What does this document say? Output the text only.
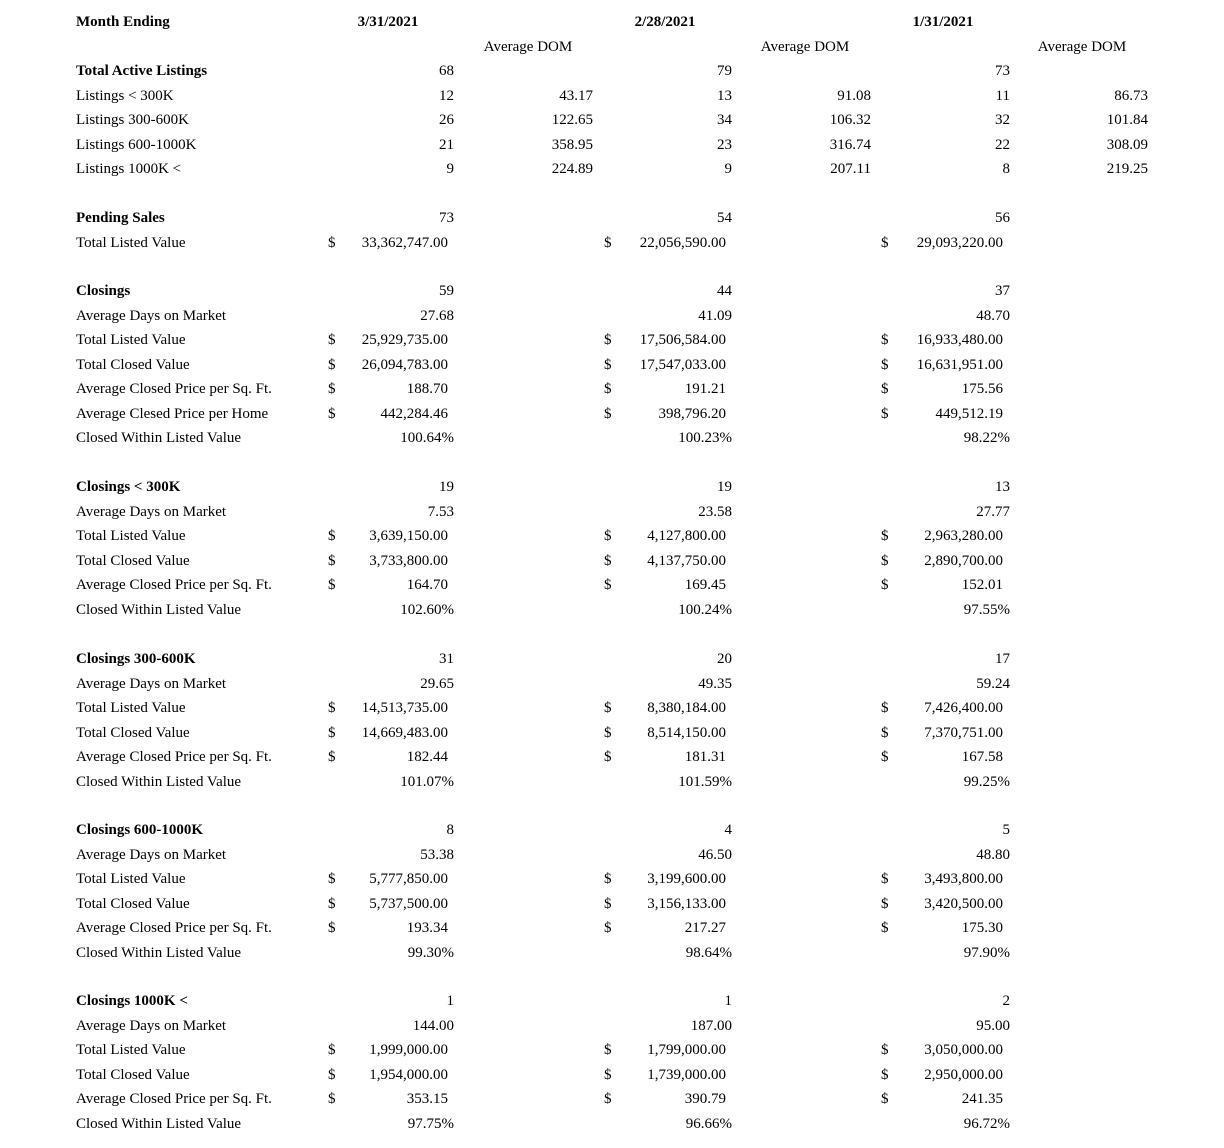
Month Ending	3/31/2021	2/28/2021	1/31/2021
Average DOM	Average DOM	Average DOM
Total Active Listings	68	79	73
Listings < 300K	12	43.17	13	91.08	11	86.73
Listings 300-600K	26	122.65	34	106.32	32	101.84
Listings 600-1000K	21	358.95	23	316.74	22	308.09
Listings 1000K <	9	224.89	9	207.11	8	219.25
Pending Sales	73	54	56
Total Listed Value	$ 33,362,747.00	$ 22,056,590.00	$ 29,093,220.00
Closings	59	44	37
Average Days on Market	27.68	41.09	48.70
Total Listed Value	$ 25,929,735.00	$ 17,506,584.00	$ 16,933,480.00
Total Closed Value	$ 26,094,783.00	$ 17,547,033.00	$ 16,631,951.00
Average Closed Price per Sq. Ft.	$	188.70	$	191.21	$	175.56
Average Clesed Price per Home	$	442,284.46	$	398,796.20	$	449,512.19
Closed Within Listed Value	100.64%	100.23%	98.22%
Closings < 300K	19	19	13
Average Days on Market	7.53	23.58	27.77
Total Listed Value	$ 3,639,150.00	$ 4,127,800.00	$ 2,963,280.00
Total Closed Value	$ 3,733,800.00	$ 4,137,750.00	$ 2,890,700.00
Average Closed Price per Sq. Ft.	$	164.70	$	169.45	$	152.01
Closed Within Listed Value	102.60%	100.24%	97.55%
Closings 300-600K	31	20	17
Average Days on Market	29.65	49.35	59.24
Total Listed Value	$ 14,513,735.00	$ 8,380,184.00	$ 7,426,400.00
Total Closed Value	$ 14,669,483.00	$ 8,514,150.00	$ 7,370,751.00
Average Closed Price per Sq. Ft.	$	182.44	$	181.31	$	167.58
Closed Within Listed Value	101.07%	101.59%	99.25%
Closings 600-1000K	8	4	5
Average Days on Market	53.38	46.50	48.80
Total Listed Value	$ 5,777,850.00	$ 3,199,600.00	$ 3,493,800.00
Total Closed Value	$ 5,737,500.00	$ 3,156,133.00	$ 3,420,500.00
Average Closed Price per Sq. Ft.	$	193.34	$	217.27	$	175.30
Closed Within Listed Value	99.30%	98.64%	97.90%
Closings 1000K <	1	1	2
Average Days on Market	144.00	187.00	95.00
Total Listed Value	$ 1,999,000.00	$ 1,799,000.00	$ 3,050,000.00
Total Closed Value	$ 1,954,000.00	$ 1,739,000.00	$ 2,950,000.00
Average Closed Price per Sq. Ft.	$	353.15	$	390.79	$	241.35
Closed Within Listed Value	97.75%	96.66%	96.72%
